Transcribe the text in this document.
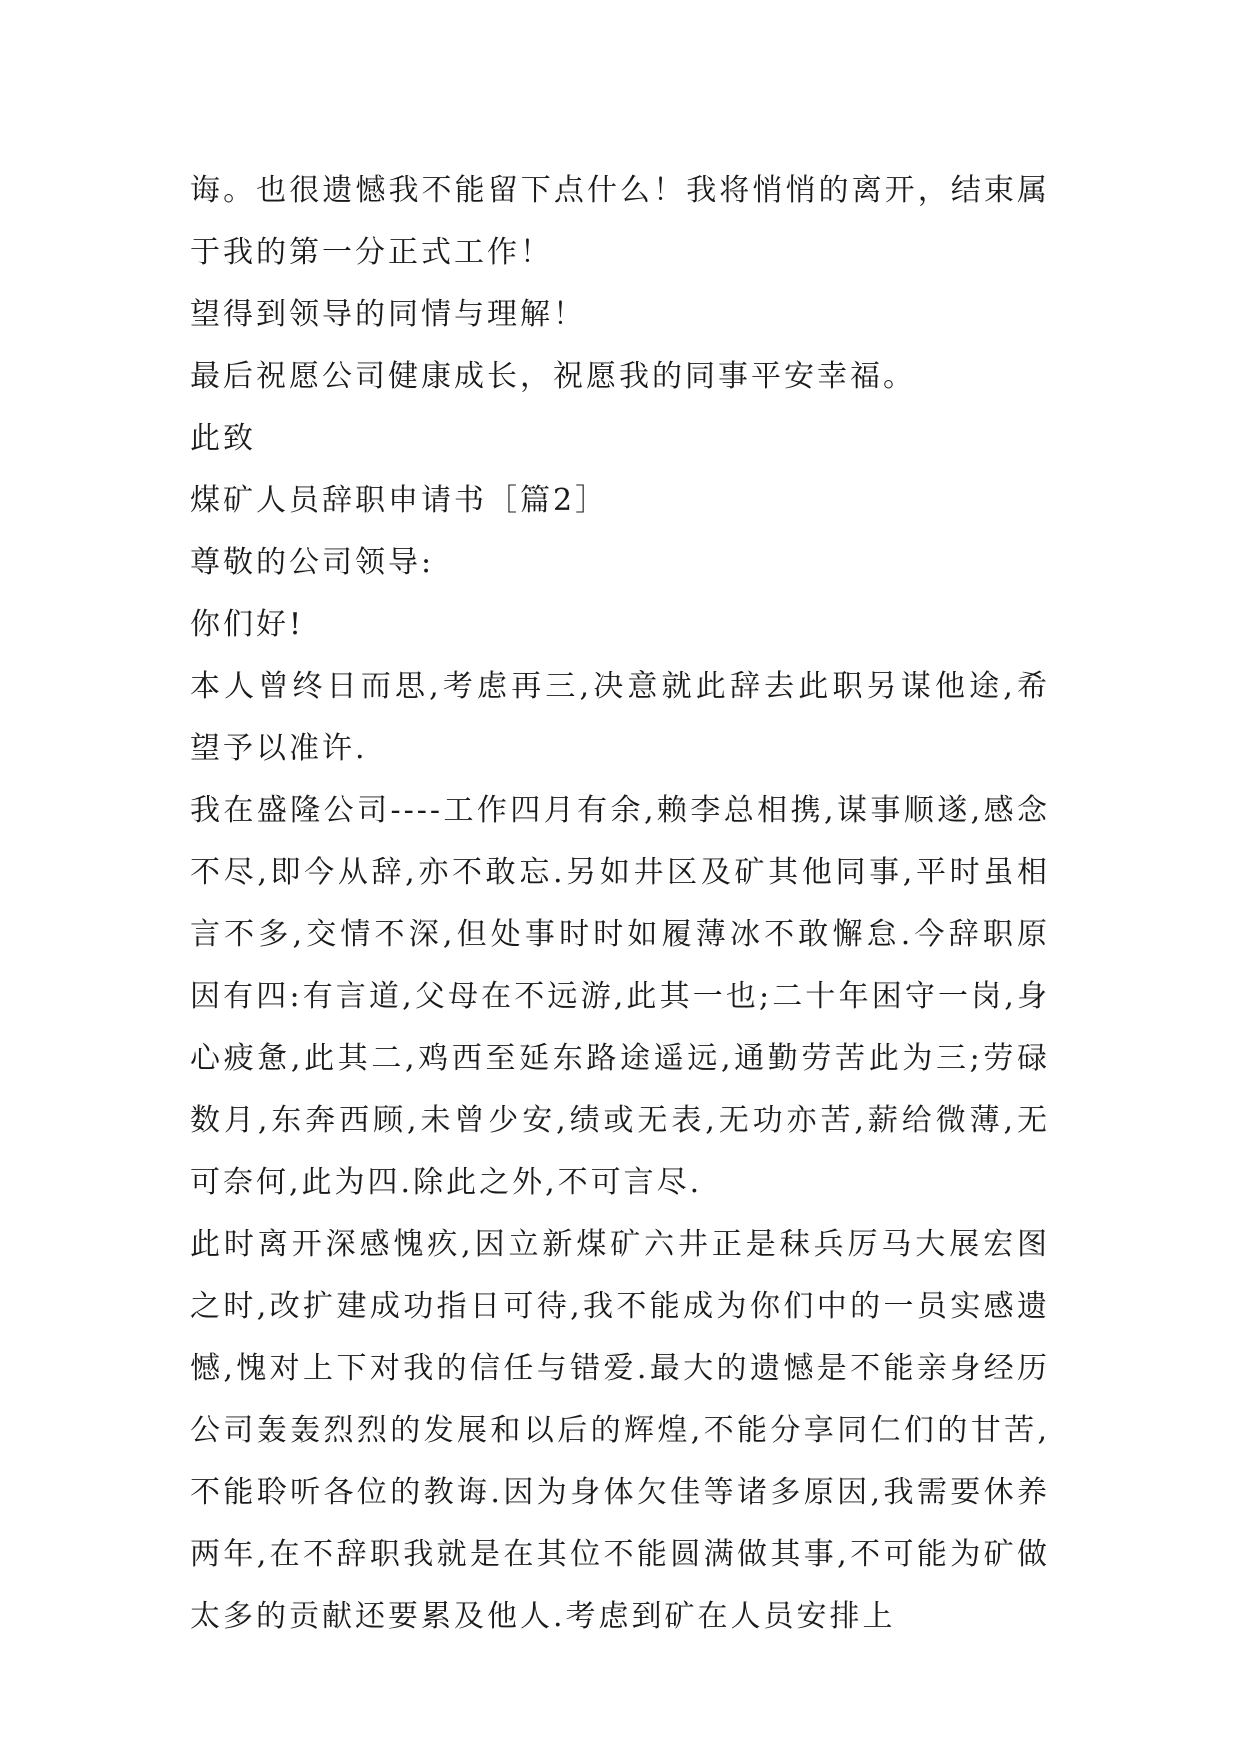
诲。也很遗憾我不能留下点什么！我将悄悄的离开，结束属于我的第一分正式工作！

望得到领导的同情与理解！

最后祝愿公司健康成长，祝愿我的同事平安幸福。

此致

煤矿人员辞职申请书［篇2］

尊敬的公司领导:

你们好!

本人曾终日而思,考虑再三,决意就此辞去此职另谋他途,希望予以准许.

我在盛隆公司----工作四月有余,赖李总相携,谋事顺遂,感念不尽,即今从辞,亦不敢忘.另如井区及矿其他同事,平时虽相言不多,交情不深,但处事时时如履薄冰不敢懈怠.今辞职原因有四:有言道,父母在不远游,此其一也;二十年困守一岗,身心疲惫,此其二,鸡西至延东路途遥远,通勤劳苦此为三;劳碌数月,东奔西顾,未曾少安,绩或无表,无功亦苦,薪给微薄,无可奈何,此为四.除此之外,不可言尽.

此时离开深感愧疚,因立新煤矿六井正是秣兵厉马大展宏图之时,改扩建成功指日可待,我不能成为你们中的一员实感遗憾,愧对上下对我的信任与错爱.最大的遗憾是不能亲身经历公司轰轰烈烈的发展和以后的辉煌,不能分享同仁们的甘苦,不能聆听各位的教诲.因为身体欠佳等诸多原因,我需要休养两年,在不辞职我就是在其位不能圆满做其事,不可能为矿做太多的贡献还要累及他人.考虑到矿在人员安排上
